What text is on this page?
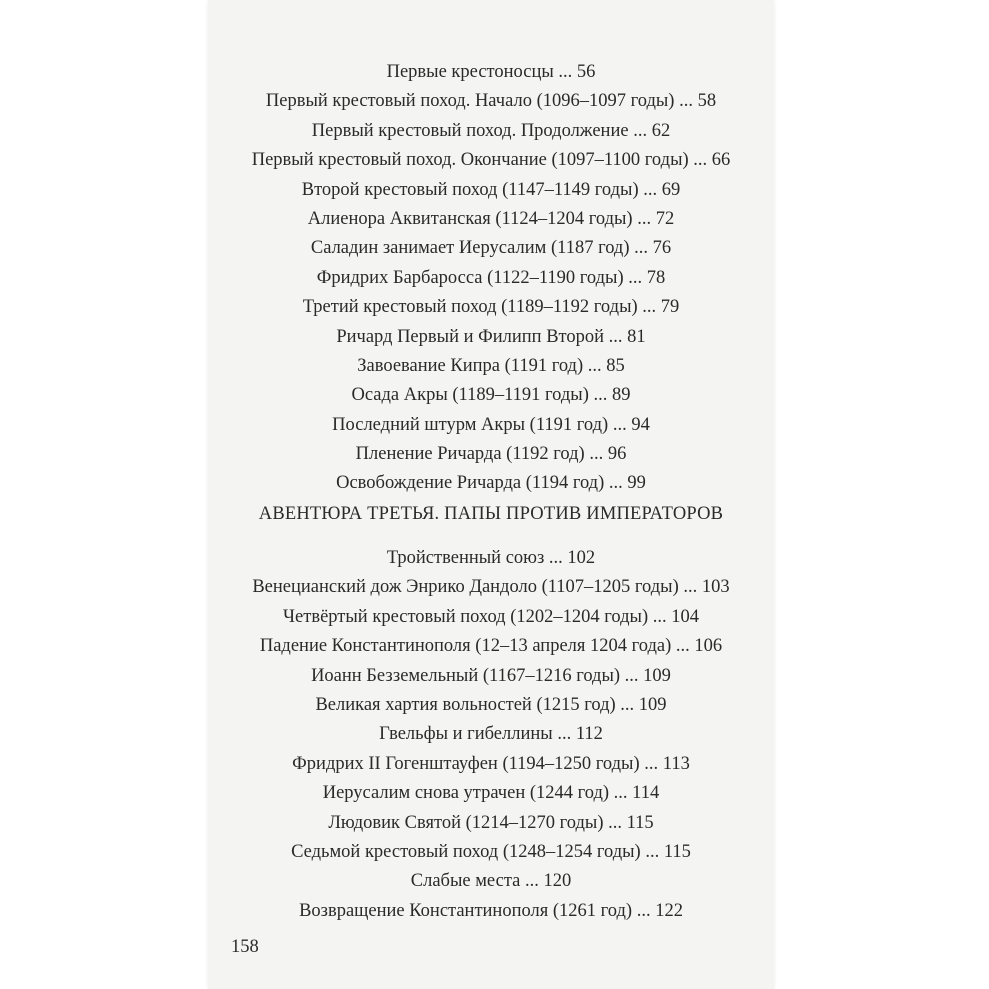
Первые крестоносцы ... 56
Первый крестовый поход. Начало (1096–1097 годы) ... 58
Первый крестовый поход. Продолжение ... 62
Первый крестовый поход. Окончание (1097–1100 годы) ... 66
Второй крестовый поход (1147–1149 годы) ... 69
Алиенора Аквитанская (1124–1204 годы) ... 72
Саладин занимает Иерусалим (1187 год) ... 76
Фридрих Барбаросса (1122–1190 годы) ... 78
Третий крестовый поход (1189–1192 годы) ... 79
Ричард Первый и Филипп Второй ... 81
Завоевание Кипра (1191 год) ... 85
Осада Акры (1189–1191 годы) ... 89
Последний штурм Акры (1191 год) ... 94
Пленение Ричарда (1192 год) ... 96
Освобождение Ричарда (1194 год) ... 99
АВЕНТЮРА ТРЕТЬЯ. ПАПЫ ПРОТИВ ИМПЕРАТОРОВ
Тройственный союз ... 102
Венецианский дож Энрико Дандоло (1107–1205 годы) ... 103
Четвёртый крестовый поход (1202–1204 годы) ... 104
Падение Константинополя (12–13 апреля 1204 года) ... 106
Иоанн Безземельный (1167–1216 годы) ... 109
Великая хартия вольностей (1215 год) ... 109
Гвельфы и гибеллины ... 112
Фридрих II Гогенштауфен (1194–1250 годы) ... 113
Иерусалим снова утрачен (1244 год) ... 114
Людовик Святой (1214–1270 годы) ... 115
Седьмой крестовый поход (1248–1254 годы) ... 115
Слабые места ... 120
Возвращение Константинополя (1261 год) ... 122
158
